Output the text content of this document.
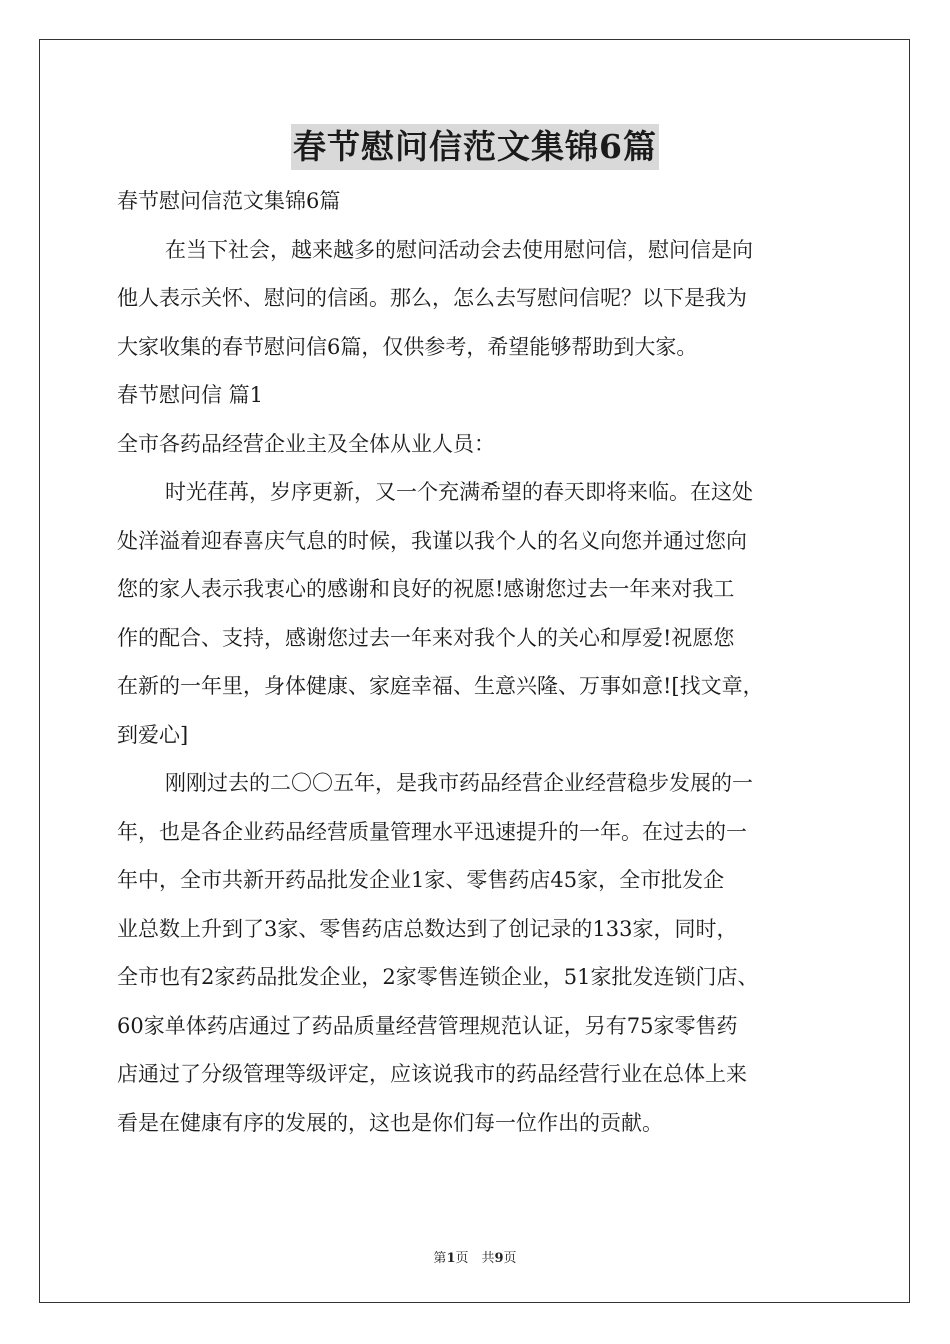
春节慰问信范文集锦6篇

春节慰问信范文集锦6篇

在当下社会，越来越多的慰问活动会去使用慰问信，慰问信是向

他人表示关怀、慰问的信函。那么，怎么去写慰问信呢？以下是我为

大家收集的春节慰问信6篇，仅供参考，希望能够帮助到大家。

春节慰问信 篇1

全市各药品经营企业主及全体从业人员：

时光荏苒，岁序更新，又一个充满希望的春天即将来临。在这处

处洋溢着迎春喜庆气息的时候，我谨以我个人的名义向您并通过您向

您的家人表示我衷心的感谢和良好的祝愿!感谢您过去一年来对我工

作的配合、支持，感谢您过去一年来对我个人的关心和厚爱!祝愿您

在新的一年里，身体健康、家庭幸福、生意兴隆、万事如意![找文章，

到爱心]

刚刚过去的二〇〇五年，是我市药品经营企业经营稳步发展的一

年，也是各企业药品经营质量管理水平迅速提升的一年。在过去的一

年中，全市共新开药品批发企业1家、零售药店45家，全市批发企

业总数上升到了3家、零售药店总数达到了创记录的133家，同时，

全市也有2家药品批发企业，2家零售连锁企业，51家批发连锁门店、

60家单体药店通过了药品质量经营管理规范认证，另有75家零售药

店通过了分级管理等级评定，应该说我市的药品经营行业在总体上来

看是在健康有序的发展的，这也是你们每一位作出的贡献。

第1页　共9页
